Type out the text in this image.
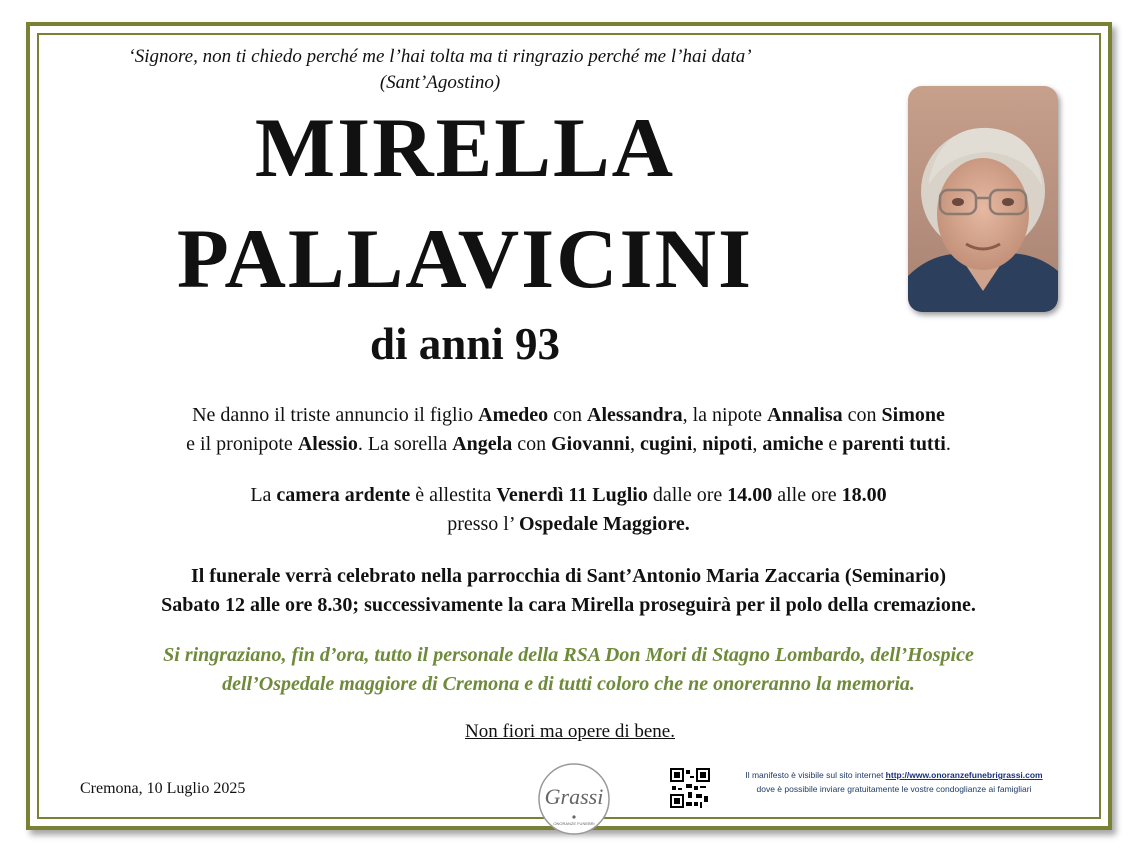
‘Signore, non ti chiedo perché me l’hai tolta ma ti ringrazio perché me l’hai data’
(Sant’Agostino)
MIRELLA
PALLAVICINI
di anni 93
Ne danno il triste annuncio il figlio Amedeo con Alessandra, la nipote Annalisa con Simone
e il pronipote Alessio. La sorella Angela con Giovanni, cugini, nipoti, amiche e parenti tutti.
La camera ardente è allestita Venerdì 11 Luglio dalle ore 14.00 alle ore 18.00
presso l’ Ospedale Maggiore.
Il funerale verrà celebrato nella parrocchia di Sant’Antonio Maria Zaccaria (Seminario)
Sabato 12 alle ore 8.30; successivamente la cara Mirella proseguirà per il polo della cremazione.
Si ringraziano, fin d’ora, tutto il personale della RSA Don Mori di Stagno Lombardo, dell’Hospice
dell’Ospedale maggiore di Cremona e di tutti coloro che ne onoreranno la memoria.
Non fiori ma opere di bene.
Cremona, 10 Luglio 2025	Grassi
ONORANZE FUNEBRI
Il manifesto è visibile sul sito internet http://www.onoranzefunebrigrassi.com
dove è possibile inviare gratuitamente le vostre condoglianze ai famigliari
